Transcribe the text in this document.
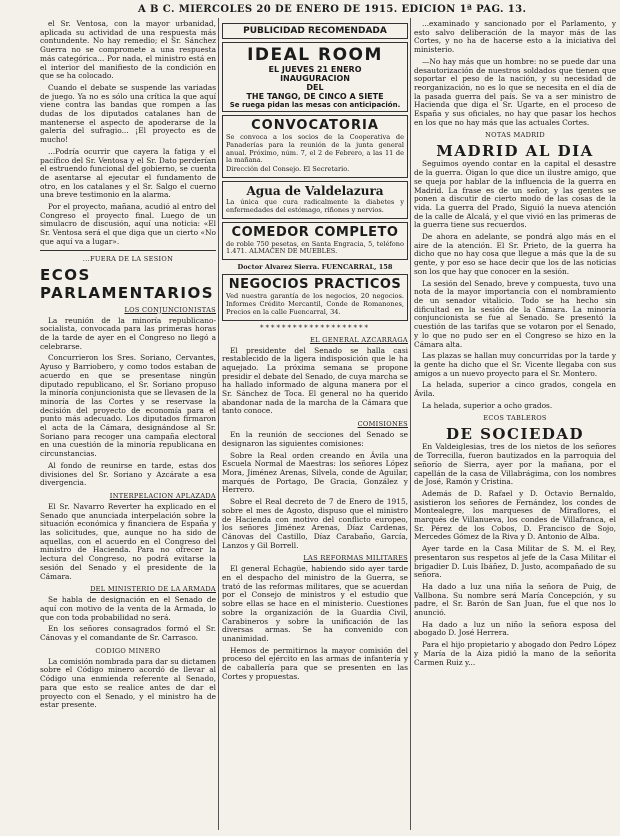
A B C. MIERCOLES 20 DE ENERO DE 1915. EDICION 1ª PAG. 13.

el Sr. Ventosa, con la mayor urbanidad, aplicada su actividad de una respuesta más contundente. No hay remedio; el Sr. Sánchez Guerra no se compromete a una respuesta más categórica... Por nada, el ministro está en el interior del manifiesto de la condición en que se ha colocado.

Cuando el debate se suspende las variadas de juego. Ya no es sólo una crítica la que aquí viene contra las bandas que rompen a las dudas de los diputados catalanes han de mantenerse el aspecto de apoderarse de la galería del sufragio... ¡El proyecto es de mucho!

...Podría ocurrir que cayera la fatiga y el pacífico del Sr. Ventosa y el Sr. Dato perderían el estruendo funcional del gobierno, se cuenta de asentarse al ejecutar el fundamento de otro, en los catalanes y el Sr. Salgo el cuerno una breve testimonio en la alarma.

Por el proyecto, mañana, acudió al entro del Congreso el proyecto final. Luego de un simulacro de discusión, aquí una noticia: «El Sr. Ventosa será el que diga que un cierto «No que aquí va a lugar».

...FUERA DE LA SESION
ECOS
PARLAMENTARIOS
LOS CONJUNCIONISTAS

La reunión de la minoría republicano-socialista, convocada para las primeras horas de la tarde de ayer en el Congreso no llegó a celebrarse.

Concurrieron los Sres. Soriano, Cervantes, Ayuso y Barriobero, y como todos estaban de acuerdo en que se presentase ningún diputado republicano, el Sr. Soriano propuso la minoría conjuncionista que se llevasen de la minoría de las Cortes y se reservase la decisión del proyecto de economía para el punto más adecuado. Los diputados firmaron el acta de la Cámara, designándose al Sr. Soriano para recoger una campaña electoral en una cuestión de la minoría republicana en circunstancias.

Al fondo de reunirse en tarde, estas dos divisiones del Sr. Soriano y Azcárate a esa divergencia.

INTERPELACION APLAZADA

El Sr. Navarro Reverter ha explicado en el Senado que anunciada interpelación sobre la situación económica y financiera de España y las solicitudes, que, aunque no ha sido de aquellas, con el acuerdo en el Congreso del ministro de Hacienda. Para no ofrecer la lectura del Congreso, no podrá evitarse la sesión del Senado y el presidente de la Cámara.

DEL MINISTERIO DE LA ARMADA

Se habla de designación en el Senado de aquí con motivo de la venta de la Armada, lo que con toda probabilidad no será.

En los señores consagrados formó el Sr. Cánovas y el comandante de Sr. Carrasco.

CODIGO MINERO

La comisión nombrada para dar su dictamen sobre el Código minero acordó de llevar al Código una enmienda referente al Senado, para que esto se realice antes de dar el proyecto con el Senado, y el ministro ha de estar presente.

PUBLICIDAD RECOMENDADA
IDEAL ROOM
EL JUEVES 21 ENERO
INAUGURACION
DEL
THE TANGO, DE CINCO A SIETE
Se ruega pidan las mesas con anticipación.
CONVOCATORIA
Se convoca a los socios de la Cooperativa de Panaderías para la reunión de la junta general anual. Próximo, núm. 7, el 2 de Febrero, a las 11 de la mañana.
Dirección del Consejo. El Secretario.
Agua de Valdelazura
La única que cura radicalmente la diabetes y enfermedades del estómago, riñones y nervios.
COMEDOR COMPLETO
de roble 750 pesetas, en Santa Engracia, 5, teléfono 1.471. ALMACEN DE MUEBLES.
Doctor Alvarez Sierra. FUENCARRAL, 158
NEGOCIOS PRACTICOS
Ved nuestra garantía de los negocios, 20 negocios. Informes Crédito Mercantil, Conde de Romanones, Precios en la calle Fuencarral, 34.
********************
EL GENERAL AZCARRAGA

El presidente del Senado se halla casi restablecido de la ligera indisposición que le ha aquejado. La próxima semana se propone presidir el debate del Senado, de cuya marcha se ha hallado informado de alguna manera por el Sr. Sánchez de Toca. El general no ha querido abandonar nada de la marcha de la Cámara que tanto conoce.

COMISIONES

En la reunión de secciones del Senado se designaron las siguientes comisiones:

Sobre la Real orden creando en Ávila una Escuela Normal de Maestras: los señores López Mora, Jiménez Arenas, Silvela, conde de Aguilar, marqués de Portago, De Gracia, González y Herrero.

Sobre el Real decreto de 7 de Enero de 1915, sobre el mes de Agosto, dispuso que el ministro de Hacienda con motivo del conflicto europeo, los señores Jiménez Arenas, Díaz Cardenas, Cánovas del Castillo, Díaz Carabaño, García, Lanzos y Gil Borrell.

LAS REFORMAS MILITARES

El general Echagüe, habiendo sido ayer tarde en el despacho del ministro de la Guerra, se trató de las reformas militares, que se acuerdan por el Consejo de ministros y el estudio que sobre ellas se hace en el ministerio. Cuestiones sobre la organización de la Guardia Civil, Carabineros y sobre la unificación de las diversas armas. Se ha convenido con unanimidad.

Hemos de permitirnos la mayor comisión del proceso del ejército en las armas de infantería y de caballería para que se presenten en las Cortes y propuestas.

...examinado y sancionado por el Parlamento, y esto salvo deliberación de la mayor más de las Cortes, y no ha de hacerse esto a la iniciativa del ministerio.

—No hay más que un hombre: no se puede dar una desautorización de nuestros soldados que tienen que soportar el peso de la nación, y su necesidad de reorganización, no es lo que se necesita en el día de la pasada guerra del país. Se va a ser ministro de Hacienda que diga el Sr. Ugarte, en el proceso de España y sus oficiales, no hay que pasar los hechos en los que no hay más que las actuales Cortes.

NOTAS MADRID
MADRID AL DIA

Seguimos oyendo contar en la capital el desastre de la guerra. Oigan lo que dice un ilustre amigo, que se queja por hablar de la influencia de la guerra en Madrid. La frase es de un señor, y las gentes se ponen a discutir de cierto modo de las cosas de la vida. La guerra del Prado, Siguió la nueva atención de la calle de Alcalá, y el que vivió en las primeras de la guerra tiene sus recuerdos.

De ahora en adelante, se pondrá algo más en el aire de la atención. El Sr. Prieto, de la guerra ha dicho que no hay cosa que llegue a más que la de su gente, y por eso se hace decir que los de las noticias son los que hay que conocer en la sesión.

La sesión del Senado, breve y compuesta, tuvo una nota de la mayor importancia con el nombramiento de un senador vitalicio. Todo se ha hecho sin dificultad en la sesión de la Cámara. La minoría conjuncionista se fue al Senado. Se presentó la cuestión de las tarifas que se votaron por el Senado, y lo que no pudo ser en el Congreso se hizo en la Cámara alta.

Las plazas se hallan muy concurridas por la tarde y la gente ha dicho que el Sr. Vicente llegaba con sus amigos a un nuevo proyecto para el Sr. Montero.

La helada, superior a cinco grados, congela en Ávila.

La helada, superior a ocho grados.

ECOS TABLEROS
DE SOCIEDAD

En Valdeiglesias, tres de los nietos de los señores de Torrecilla, fueron bautizados en la parroquia del señorío de Sierra, ayer por la mañana, por el capellán de la casa de Villabrágima, con los nombres de José, Ramón y Cristina.

Además de D. Rafael y D. Octavio Bernaldo, asistieron los señores de Fernández, los condes de Montealegre, los marqueses de Miraflores, el marqués de Villanueva, los condes de Villafranca, el Sr. Pérez de los Cobos, D. Francisco de Sojo, Mercedes Gómez de la Riva y D. Antonio de Alba.

Ayer tarde en la Casa Militar de S. M. el Rey, presentaron sus respetos al jefe de la Casa Militar el brigadier D. Luis Ibáñez, D. Justo, acompañado de su señora.

Ha dado a luz una niña la señora de Puig, de Vallbona. Su nombre será María Concepción, y su padre, el Sr. Barón de San Juan, fue el que nos lo anunció.

Ha dado a luz un niño la señora esposa del abogado D. José Herrera.

Para el hijo propietario y abogado don Pedro López y María de la Aiza pidió la mano de la señorita Carmen Ruiz y...
